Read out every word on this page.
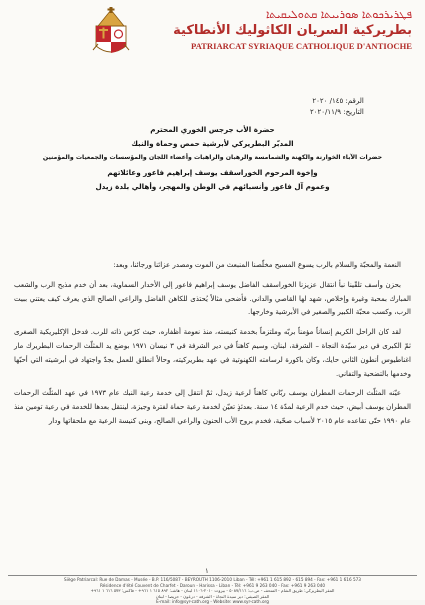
ܦܛܪܝܪܟܘܬܐ ܣܘܪܝܝܬܐ ܩܬܘܠܝܩܝܬܐ
بطريركية السريان الكاثوليك الأنطاكية
PATRIARCAT SYRIAQUE CATHOLIQUE D'ANTIOCHE
الرقم: ١٤٥/ ٢٠٢٠
التاريخ: ٢٠٢٠/١١/٩
حضرة الأب جرجس الخوري المحترم
المدبّر البطريركي لأبرشية حمص وحماة والنبك
حضرات الآباء الخوارنة والكهنة والشمامسة والرهبان والراهبات وأعضاء اللجان والمؤسسات والجمعيات والمؤمنين
وإخوة المرحوم الخوراسقف يوسف إبراهيم فاعور وعائلاتهم
وعموم آل فاعور وأنسبائهم في الوطن والمهجر، وأهالي بلدة زيدل

النعمة والمحبّة والسلام بالرب يسوع المسيح مخلّصنا المنبعث من الموت ومصدر عزائنا ورجائنا، وبعد:

بحزن وأسف تلقّينا نبأ انتقال عزيزنا الخوراسقف الفاضل يوسف إبراهيم فاعور إلى الأخدار السماوية، بعد أن خدم مذبح الرب والشعب المبارك بمحبة وغيرة وإخلاص، شهد لها القاصي والداني. فأضحى مثالاً يُحتذى للكاهن الفاضل والراعي الصالح الذي يعرف كيف يعتني ببيت الرب، وكسب محبّة الكبير والصغير في الأبرشية وخارجها.

لقد كان الراحل الكريم إنساناً مؤمناً بربّه وملتزماً بخدمة كنيسته، منذ نعومة أظفاره، حيث كرّس ذاته للرب. فدخل الإكليريكية الصغرى ثمّ الكبرى في دير سيّدة النجاة – الشرفة، لبنان، وسيم كاهناً في دير الشرفة في ٣ نيسان ١٩٧١ بوضع يد المثلّث الرحمات البطريرك مار اغناطيوس أنطون الثاني حايك، وكان باكورة لرسامته الكهنوتية في عهد بطريركيته، وحالاً انطلق للعمل بجدّ واجتهاد في أبرشيته التي أحبّها وخدمها بالتضحية والتفاني.

عيّنه المثلّث الرحمات المطران يوسف ربّاني كاهناً لرعية زيدل، ثمّ انتقل إلى خدمة رعية النبك عام ١٩٧٣ في عهد المثلّث الرحمات المطران يوسف أبيض، حيث خدم الرعية لمدّة ١٤ سنة. بعدئذٍ تعيّن لخدمة رعية حماة لفترة وجيزة، لينتقل بعدها للخدمة في رعية تومين منذ عام ١٩٩٠ حتّى تقاعده عام ٢٠١٥ لأسباب صحّية، فخدم بروح الأب الحنون والراعي الصالح، وبنى كنيسة الرعية مع ملحقاتها ودار

١
Siège Patriarcal: Rue de Damas - Musée - B.P. 116/5087 - BEYROUTH 1106-2010 Liban - Tél: +961 1 615 892 - 615 894 - Fax: +961 1 616 573
Résidence d'été Couvent de Charfet - Daroun - Harissa - Liban - Tél: +961 9 263 040 - Fax: +961 9 263 040
المقر البطريركي: طريق الشام - المتحف - ص.ب: ٥٠٨٧/١١٦ - بيروت ٢٠١٠-١١٠٦ لبنان - هاتف: ٨٩٢ ٦١٥ ١ ٩٦١+ - فاكس: ٥٧٣ ٦١٦ ١ ٩٦١+
المقر الصيفي: دير سيدة النجاة - الشرفة - درعون - حريصا - لبنان
E-mail: info@syr-cath.org - Website: www.syr-cath.org
